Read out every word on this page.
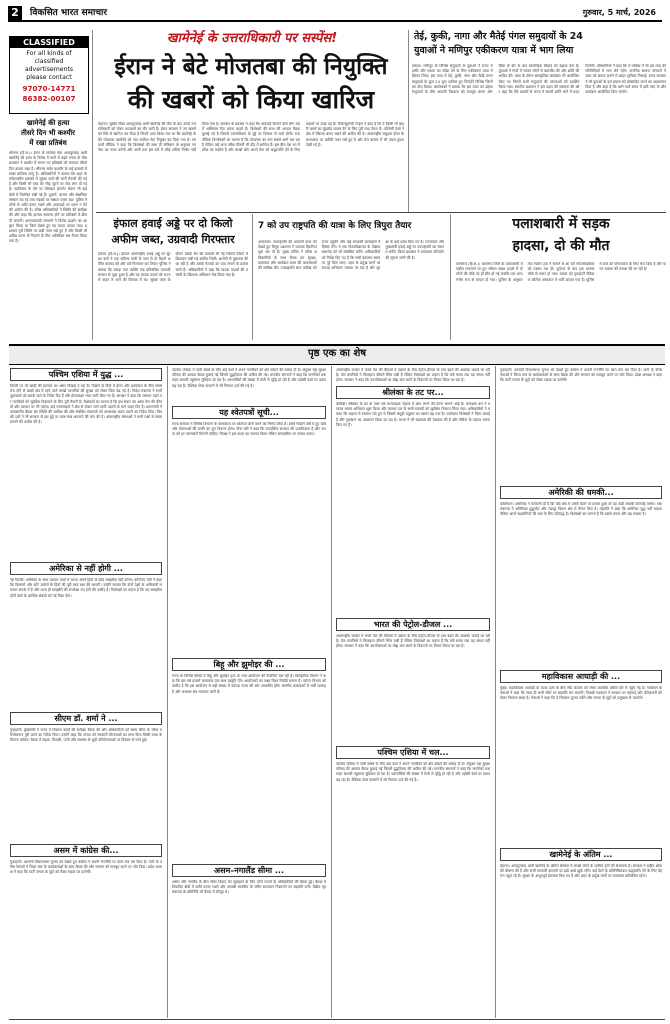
2	विकसित भारत समाचार	गुरुवार, 5 मार्च, 2026
CLASSIFIED
For all kinds of
classified
advertisements
please contact
97070-14771
86382-00107
खामेनेई की हत्या
तीसरे दिन भी कश्मीर
में रखा प्रतिबंध
श्रीनगर (हि.स.)। ईरान के सर्वोच्च नेता आयतुल्लाह अली खामेनेई की हत्या के विरोध में घाटी में बढ़ते तनाव के बीच प्रशासन ने कश्मीर में लगाए गए प्रतिबंधों को लगातार तीसरे दिन कायम रखा है। श्रीनगर समेत कश्मीर के कई इलाकों में सख्त प्रतिबंध लागू हैं। अधिकारियों ने बताया कि शहर के संवेदनशील इलाकों में सुरक्षा बलों की भारी तैनाती की गई है और किसी भी तरह की भीड़ जुटने पर रोक लगा दी गई है। एहतियात के तौर पर मोबाइल इंटरनेट सेवाएं भी कई क्षेत्रों में निलंबित रखी गई हैं। दुकानें, बाजार और शैक्षणिक संस्थान बंद रहे तथा सड़कों पर सन्नाटा पसरा रहा। पुलिस ने लोगों से शांति बनाए रखने और अफवाहों पर ध्यान न देने की अपील की है। वरिष्ठ अधिकारियों ने स्थिति की समीक्षा की और कहा कि हालात सामान्य होने पर प्रतिबंधों में ढील दी जाएगी। अलगाववादी संगठनों ने विरोध प्रदर्शन का आह्वान किया था जिसे देखते हुए यह कदम उठाया गया। प्रशासन पूरी स्थिति पर कड़ी नजर रखे हुए है और किसी भी अप्रिय घटना से निपटने के लिए अतिरिक्त बल तैनात किया गया है।
खामेनेई के उत्तराधिकारी पर सस्पेंस!
ईरान ने बेटे मोजतबा की नियुक्ति
की खबरों को किया खारिज
तेहरान। सुप्रीम लीडर आयतुल्लाह अली खामेनेई की मौत के बाद उनके उत्तराधिकारी को लेकर अटकलों का दौर जारी है। ईरान सरकार ने उन खबरों को सिरे से खारिज कर दिया है जिनमें दावा किया गया था कि खामेनेई के बेटे मोजतबा खामेनेई को नया सर्वोच्च नेता नियुक्त कर दिया गया है। सरकारी मीडिया ने कहा कि विशेषज्ञों की सभा ही संविधान के अनुसार नए नेता का चयन करेगी और अभी तक इस बारे में कोई अंतिम निर्णय नहीं लिया गया है। सरकार के प्रवक्ता ने कहा कि अफवाहें फैलाने वाले लोग देश में अस्थिरता पैदा करना चाहते हैं। विशेषज्ञों की सभा की आपात बैठक बुलाई गई है जिसमें उत्तराधिकार के मुद्दे पर विस्तार से चर्चा होगी। राजनीतिक विश्लेषकों का मानना है कि मोजतबा का नाम सबसे आगे चल रहा है लेकिन कई अन्य वरिष्ठ मौलवी भी दौड़ में शामिल हैं। इस बीच देश भर में शोक का माहौल है और लाखों लोग अपने नेता को श्रद्धांजलि देने के लिए सड़कों पर उमड़ पड़े हैं। रिवोल्यूशनरी गार्ड्स ने कहा है कि वे किसी भी बाहरी खतरे का मुंहतोड़ जवाब देने के लिए पूरी तरह तैयार हैं। पश्चिमी देशों ने क्षेत्र में स्थिरता बनाए रखने की अपील की है। अंतरराष्ट्रीय समुदाय ईरान के घटनाक्रम पर करीबी नजर रखे हुए है और तेल बाजार में भी उथल-पुथल देखी गई है।
तेई, कुकी, नागा और मैतेई पंगल समुदायों के 24
युवाओं ने मणिपुर एकीकरण यात्रा में भाग लिया
इंफाल। मणिपुर के विभिन्न समुदायों के युवाओं ने राज्य में शांति और एकता का संदेश देने के लिए एकीकरण यात्रा में हिस्सा लिया। इस यात्रा में तेई, कुकी, नागा और मैतेई पंगल समुदायों के कुल 24 युवा शामिल हुए जिन्होंने विभिन्न जिलों का दौरा किया। आयोजकों ने बताया कि इस यात्रा का उद्देश्य समुदायों के बीच आपसी विश्वास को मजबूत करना और हिंसा के दौर के बाद सामाजिक सौहार्द को बढ़ावा देना है। युवाओं ने गांवों में जाकर लोगों से बातचीत की और शांति की अपील की। यात्रा के दौरान सांस्कृतिक कार्यक्रम भी आयोजित किए गए जिनमें सभी समुदायों की परंपराओं को प्रदर्शित किया गया। स्थानीय प्रशासन ने इस पहल की सराहना की और कहा कि ऐसे प्रयासों से राज्य में स्थायी शांति लाने में मदद मिलेगी। प्रतिभागियों ने कहा कि वे भविष्य में भी इस तरह की गतिविधियों में भाग लेते रहेंगे। नागरिक समाज संगठनों ने यात्रा को सफल बनाने में अहम भूमिका निभाई। राज्य सरकार ने भी युवाओं के इस प्रयास को प्रोत्साहित करने का आश्वासन दिया है और कहा है कि आने वाले समय में इसी तरह के और कार्यक्रम आयोजित किए जाएंगे।
इंफाल हवाई अड्डे पर दो किलो
अफीम जब्त, उग्रवादी गिरफ्तार
इंफाल (हि.स.)। इंफाल अंतरराष्ट्रीय हवाई अड्डे पर सुरक्षा बलों ने एक संदिग्ध यात्री के पास से दो किलो अफीम बरामद की और उसे गिरफ्तार कर लिया। पुलिस ने बताया कि पकड़ा गया व्यक्ति एक प्रतिबंधित उग्रवादी संगठन से जुड़ा हुआ है और वह मादक पदार्थ को राज्य से बाहर ले जाने की फिराक में था। सुरक्षा जांच के दौरान उसके बैग की तलाशी ली गई जिसमें पैकेटों में छिपाकर रखी गई अफीम मिली। आरोपी से पूछताछ की जा रही है और उसके नेटवर्क का पता लगाने के प्रयास जारी हैं। अधिकारियों ने कहा कि मादक पदार्थों की तस्करी के खिलाफ अभियान तेज किया गया है।
7 को उप राष्ट्रपति की यात्रा के लिए त्रिपुरा तैयार
अगरतला। उपराष्ट्रपति की आगामी यात्रा को देखते हुए त्रिपुरा प्रशासन ने व्यापक तैयारियां शुरू कर दी हैं। मुख्य सचिव ने वरिष्ठ अधिकारियों के साथ बैठक कर सुरक्षा, यातायात और कार्यक्रम स्थल की व्यवस्थाओं की समीक्षा की। उपराष्ट्रपति सात तारीख को राज्य पहुंचेंगे और कई सरकारी कार्यक्रमों में हिस्सा लेंगे। वे एक विश्वविद्यालय के दीक्षांत समारोह को भी संबोधित करेंगे। अधिकारियों को निर्देश दिए गए हैं कि सभी इंतजाम समय पर पूरे किए जाएं। शहर के प्रमुख मार्गों पर सफाई अभियान चलाया जा रहा है और सुरक्षा के कड़े प्रबंध किए गए हैं। राज्यपाल और मुख्यमंत्री हवाई अड्डे पर उपराष्ट्रपति का स्वागत करेंगे। जिला प्रशासन ने यातायात परिवर्तन की सूचना जारी की है।
पलाशबारी में सड़क
हादसा, दो की मौत
कामरूप (हि.स.)। कामरूप जिले के पलाशबारी में राष्ट्रीय राजमार्ग पर हुए भीषण सड़क हादसे में दो लोगों की मौके पर ही मौत हो गई जबकि एक अन्य गंभीर रूप से घायल हो गया। पुलिस के अनुसार तेज रफ्तार ट्रक ने सामने से आ रही मोटरसाइकिल को टक्कर मार दी। दुर्घटना के बाद ट्रक चालक मौके से फरार हो गया। घायल को गुवाहाटी मेडिकल कॉलेज अस्पताल में भर्ती कराया गया है। पुलिस ने शवों को पोस्टमार्टम के लिए भेज दिया है और फरार चालक की तलाश की जा रही है।
पृष्ठ एक का शेष
पश्चिम एशिया में युद्ध ...
दिल्ली पर भी खाड़ी की हलचल का असर दिखाई दे रहा है। पिछले दो दिनों में ईरान और इजरायल के बीच संघर्ष तेज होने से खाड़ी क्षेत्र में रहने वाले लाखों भारतीयों की सुरक्षा को लेकर चिंता बढ़ गई है। विदेश मंत्रालय ने सभी दूतावासों को सतर्क रहने के निर्देश दिए हैं और हेल्पलाइन नंबर जारी किए गए हैं। सरकार ने कहा कि जरूरत पड़ने पर नागरिकों को सुरक्षित निकालने के लिए पूरी तैयारी है। विशेषज्ञों का मानना है कि इस संकट का असर तेल की कीमतों और व्यापार पर भी पड़ेगा। कई एयरलाइनों ने क्षेत्र से होकर जाने वाली उड़ानों के मार्ग बदल दिए हैं। प्रधानमंत्री ने उच्चस्तरीय बैठक कर स्थिति की समीक्षा की और संबंधित मंत्रालयों को आवश्यक कदम उठाने का निर्देश दिया। विपक्षी दलों ने भी सरकार से इस मुद्दे पर स्पष्ट रुख अपनाने की मांग की है। अंतरराष्ट्रीय संस्थाओं ने सभी पक्षों से संयम बरतने की अपील की है।
अमेरिका से नहीं होगी ...
नई दिल्ली। अमेरिका के साथ व्यापार वार्ता में भारत अपने हितों से कोई समझौता नहीं करेगा। वाणिज्य मंत्री ने कहा कि किसानों और छोटे उद्योगों के हितों की पूरी तरह रक्षा की जाएगी। उन्होंने बताया कि दोनों देशों के अधिकारी लगातार संपर्क में हैं और जल्द ही समझौते की रूपरेखा तय होने की उम्मीद है। विशेषज्ञों का कहना है कि यह समझौता दोनों देशों के आर्थिक संबंधों को नई दिशा देगा।
सीएम डॉ. शर्मा ने ...
गुवाहाटी। मुख्यमंत्री ने राज्य में विकास कार्यों की समीक्षा बैठक की और अधिकारियों को समय सीमा के भीतर परियोजनाएं पूरी करने का निर्देश दिया। उन्होंने कहा कि जनता को सरकारी योजनाओं का लाभ बिना किसी बाधा के मिलना चाहिए। बैठक में सड़क, बिजली, पानी और स्वास्थ्य से जुड़ी परियोजनाओं पर विस्तार से चर्चा हुई।
असम में कांग्रेस की...
गुवाहाटी। आगामी विधानसभा चुनाव को देखते हुए कांग्रेस ने अपनी रणनीति पर काम तेज कर दिया है। पार्टी के वरिष्ठ नेताओं ने जिला स्तर के कार्यकर्ताओं के साथ बैठक की और संगठन को मजबूत करने पर जोर दिया। प्रदेश अध्यक्ष ने कहा कि पार्टी जनता के मुद्दों को लेकर सड़क पर उतरेगी।
पश्चिम एशिया में जारी संघर्ष के बीच कई देशों ने अपने नागरिकों को क्षेत्र छोड़ने की सलाह दी है। संयुक्त राष्ट्र सुरक्षा परिषद की आपात बैठक बुलाई गई जिसमें युद्धविराम की अपील की गई। मानवीय संगठनों ने कहा कि नागरिकों तक राहत सामग्री पहुंचाना मुश्किल हो रहा है। शरणार्थियों की संख्या में तेजी से वृद्धि हो रही है और पड़ोसी देशों पर दबाव बढ़ रहा है। वैश्विक शेयर बाजारों में भी गिरावट दर्ज की गई है।
यह श्वेतपत्रों सूची...
राज्य सरकार ने विभिन्न विभागों के कामकाज पर श्वेतपत्र जारी करने का निर्णय लिया है। इसमें पिछले वर्षों में हुए खर्च और योजनाओं की प्रगति का पूरा विवरण होगा। वित्त मंत्री ने कहा कि पारदर्शिता सरकार की प्राथमिकता है और जनता को हर जानकारी मिलनी चाहिए। विपक्ष ने इस कदम का स्वागत किया लेकिन समयसीमा पर सवाल उठाए।
बिहू और झुमोइर की ...
राज्य के विभिन्न हिस्सों में बिहू और झुमोइर नृत्य के भव्य आयोजन की तैयारियां चल रही हैं। सांस्कृतिक विभाग ने कहा कि इस वर्ष हजारों कलाकार एक साथ प्रस्तुति देंगे। आयोजकों का लक्ष्य विश्व रिकॉर्ड बनाना है। पर्यटन विभाग को उम्मीद है कि इस आयोजन से बड़ी संख्या में पर्यटक राज्य की ओर आकर्षित होंगे। स्थानीय कलाकारों में भारी उत्साह है और अभ्यास सत्र लगातार जारी हैं।
असम–नगालैंड सीमा ...
असम और नगालैंड के बीच सीमा विवाद को सुलझाने के लिए दोनों राज्यों के अधिकारियों की बैठक हुई। बैठक में विवादित क्षेत्रों में शांति बनाए रखने और आपसी बातचीत के जरिए समाधान निकालने पर सहमति बनी। केंद्रीय गृह मंत्रालय के प्रतिनिधि भी बैठक में मौजूद थे।
अंतरराष्ट्रीय बाजार में कच्चे तेल की कीमतों में उछाल के बीच पेट्रोल-डीजल के दाम बढ़ने की आशंका जताई जा रही है। तेल कंपनियों ने फिलहाल कीमतें स्थिर रखी हैं लेकिन विशेषज्ञों का कहना है कि लंबे समय तक यह संभव नहीं होगा। सरकार ने कहा कि उपभोक्ताओं पर बोझ कम करने के विकल्पों पर विचार किया जा रहा है।
श्रीलंका के तट पर...
कोलंबो। श्रीलंका के तट के पास एक मालवाहक जहाज में आग लगने की घटना सामने आई है। तटरक्षक बल ने तत्काल बचाव अभियान शुरू किया और चालक दल के सभी सदस्यों को सुरक्षित निकाल लिया गया। अधिकारियों ने बताया कि जहाज में रसायन लदे हुए थे जिससे समुद्री प्रदूषण का खतरा बढ़ गया है। पर्यावरण विशेषज्ञों ने चिंता जताई है और नुकसान का आकलन किया जा रहा है। भारत ने भी सहायता की पेशकश की है और नौसेना के जहाज रवाना किए गए हैं।
भारत की पेट्रोल-डीजल ...
अंतरराष्ट्रीय बाजार में कच्चे तेल की कीमतों में उछाल के बीच पेट्रोल-डीजल के दाम बढ़ने की आशंका जताई जा रही है। तेल कंपनियों ने फिलहाल कीमतें स्थिर रखी हैं लेकिन विशेषज्ञों का कहना है कि लंबे समय तक यह संभव नहीं होगा। सरकार ने कहा कि उपभोक्ताओं पर बोझ कम करने के विकल्पों पर विचार किया जा रहा है।
पश्चिम एशिया में चल...
पश्चिम एशिया में जारी संघर्ष के बीच कई देशों ने अपने नागरिकों को क्षेत्र छोड़ने की सलाह दी है। संयुक्त राष्ट्र सुरक्षा परिषद की आपात बैठक बुलाई गई जिसमें युद्धविराम की अपील की गई। मानवीय संगठनों ने कहा कि नागरिकों तक राहत सामग्री पहुंचाना मुश्किल हो रहा है। शरणार्थियों की संख्या में तेजी से वृद्धि हो रही है और पड़ोसी देशों पर दबाव बढ़ रहा है। वैश्विक शेयर बाजारों में भी गिरावट दर्ज की गई है।
गुवाहाटी। आगामी विधानसभा चुनाव को देखते हुए कांग्रेस ने अपनी रणनीति पर काम तेज कर दिया है। पार्टी के वरिष्ठ नेताओं ने जिला स्तर के कार्यकर्ताओं के साथ बैठक की और संगठन को मजबूत करने पर जोर दिया। प्रदेश अध्यक्ष ने कहा कि पार्टी जनता के मुद्दों को लेकर सड़क पर उतरेगी।
अमेरिकी की धमकी...
वाशिंगटन। अमेरिका ने चेतावनी दी है कि यदि क्षेत्र में उसके हितों पर हमला हुआ तो वह कड़ी जवाबी कार्रवाई करेगा। रक्षा मंत्रालय ने अतिरिक्त युद्धपोत और लड़ाकू विमान क्षेत्र में तैनात किए हैं। राष्ट्रपति ने कहा कि अमेरिका युद्ध नहीं चाहता लेकिन अपने सहयोगियों की रक्षा के लिए प्रतिबद्ध है। विशेषज्ञों का मानना है कि इससे तनाव और बढ़ सकता है।
महाविकास आघाड़ी की ...
मुंबई। महाविकास आघाड़ी के घटक दलों के बीच सीट बंटवारे को लेकर बातचीत अंतिम दौर में पहुंच गई है। गठबंधन के नेताओं ने कहा कि जल्द ही सभी सीटों पर सहमति बन जाएगी। विपक्षी गठबंधन ने सरकार पर महंगाई और बेरोजगारी को लेकर निशाना साधा है। नेताओं ने कहा कि वे मिलकर चुनाव लड़ेंगे और जनता के मुद्दों को प्रमुखता से उठाएंगे।
खामेनेई के अंतिम ...
तेहरान। आयतुल्लाह अली खामेनेई के अंतिम संस्कार में लाखों लोगों के शामिल होने की संभावना है। सरकार ने राष्ट्रीय शोक की घोषणा की है और सभी सरकारी इमारतों पर झंडे आधे झुके रहेंगे। कई देशों के प्रतिनिधिमंडल श्रद्धांजलि देने के लिए तेहरान पहुंच रहे हैं। सुरक्षा के अभूतपूर्व इंतजाम किए गए हैं और शहर के प्रमुख मार्गों पर यातायात प्रतिबंधित रहेगा।
